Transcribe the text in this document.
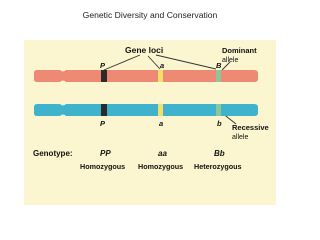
Genetic Diversity and Conservation
Gene loci	Dominant
allele
P	a	B
P	a	b Recessive
allele
Genotype:	PP	aa	Bb
Homozygous Homozygous Heterozygous
